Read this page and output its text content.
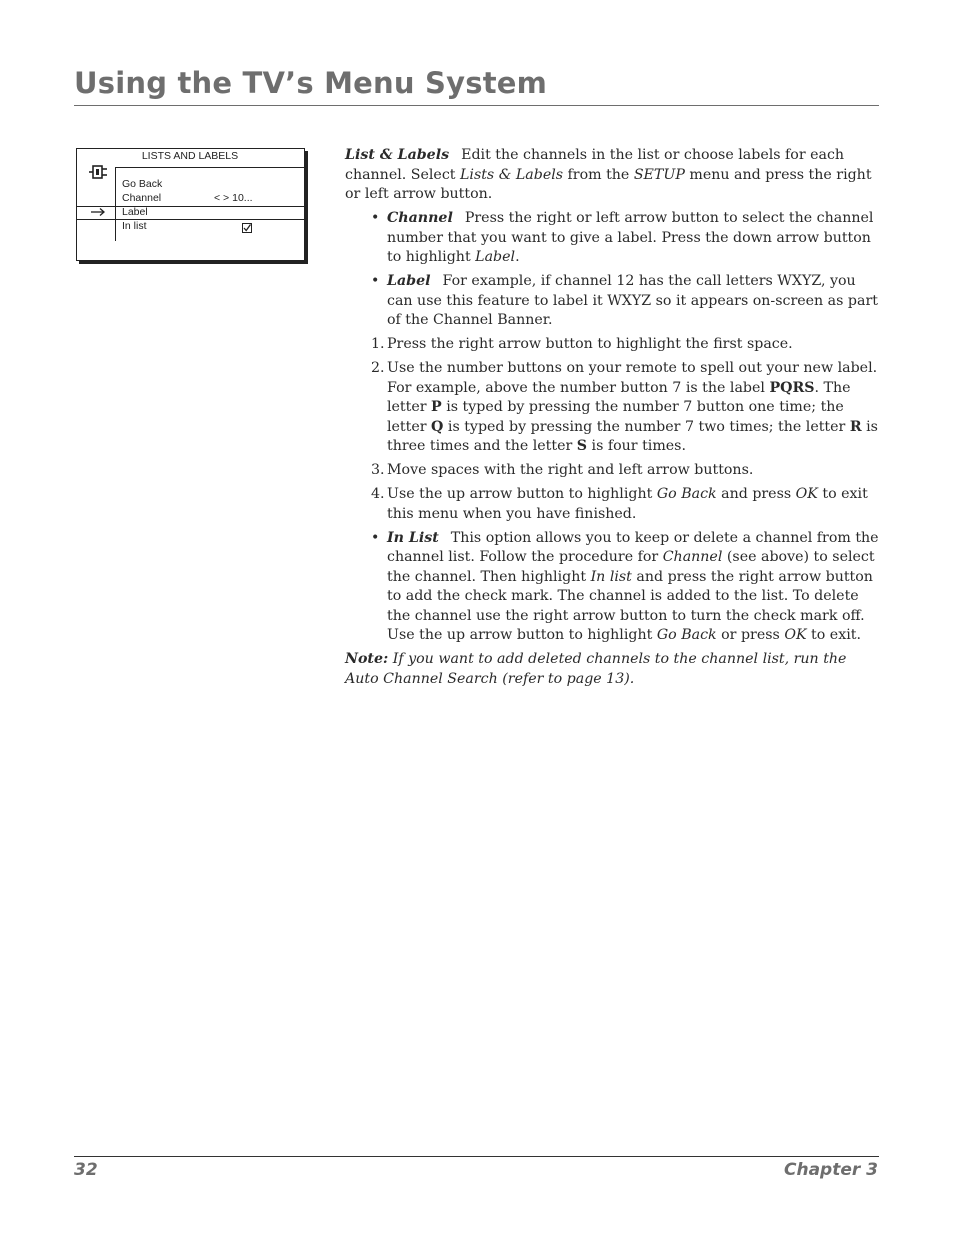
Using the TV’s Menu System
LISTS AND LABELS
Go Back
Channel	< > 10...
Label
In list

List & Labels Edit the channels in the list or choose labels for each channel. Select Lists & Labels from the SETUP menu and press the right or left arrow button.

• Channel Press the right or left arrow button to select the channel number that you want to give a label. Press the down arrow button to highlight Label.

• Label For example, if channel 12 has the call letters WXYZ, you can use this feature to label it WXYZ so it appears on-screen as part of the Channel Banner.

1. Press the right arrow button to highlight the first space.

2. Use the number buttons on your remote to spell out your new label. For example, above the number button 7 is the label PQRS. The letter P is typed by pressing the number 7 button one time; the letter Q is typed by pressing the number 7 two times; the letter R is three times and the letter S is four times.

3. Move spaces with the right and left arrow buttons.

4. Use the up arrow button to highlight Go Back and press OK to exit this menu when you have finished.

• In List This option allows you to keep or delete a channel from the channel list. Follow the procedure for Channel (see above) to select the channel. Then highlight In list and press the right arrow button to add the check mark. The channel is added to the list. To delete the channel use the right arrow button to turn the check mark off. Use the up arrow button to highlight Go Back or press OK to exit.

Note: If you want to add deleted channels to the channel list, run the Auto Channel Search (refer to page 13).

32	Chapter 3
